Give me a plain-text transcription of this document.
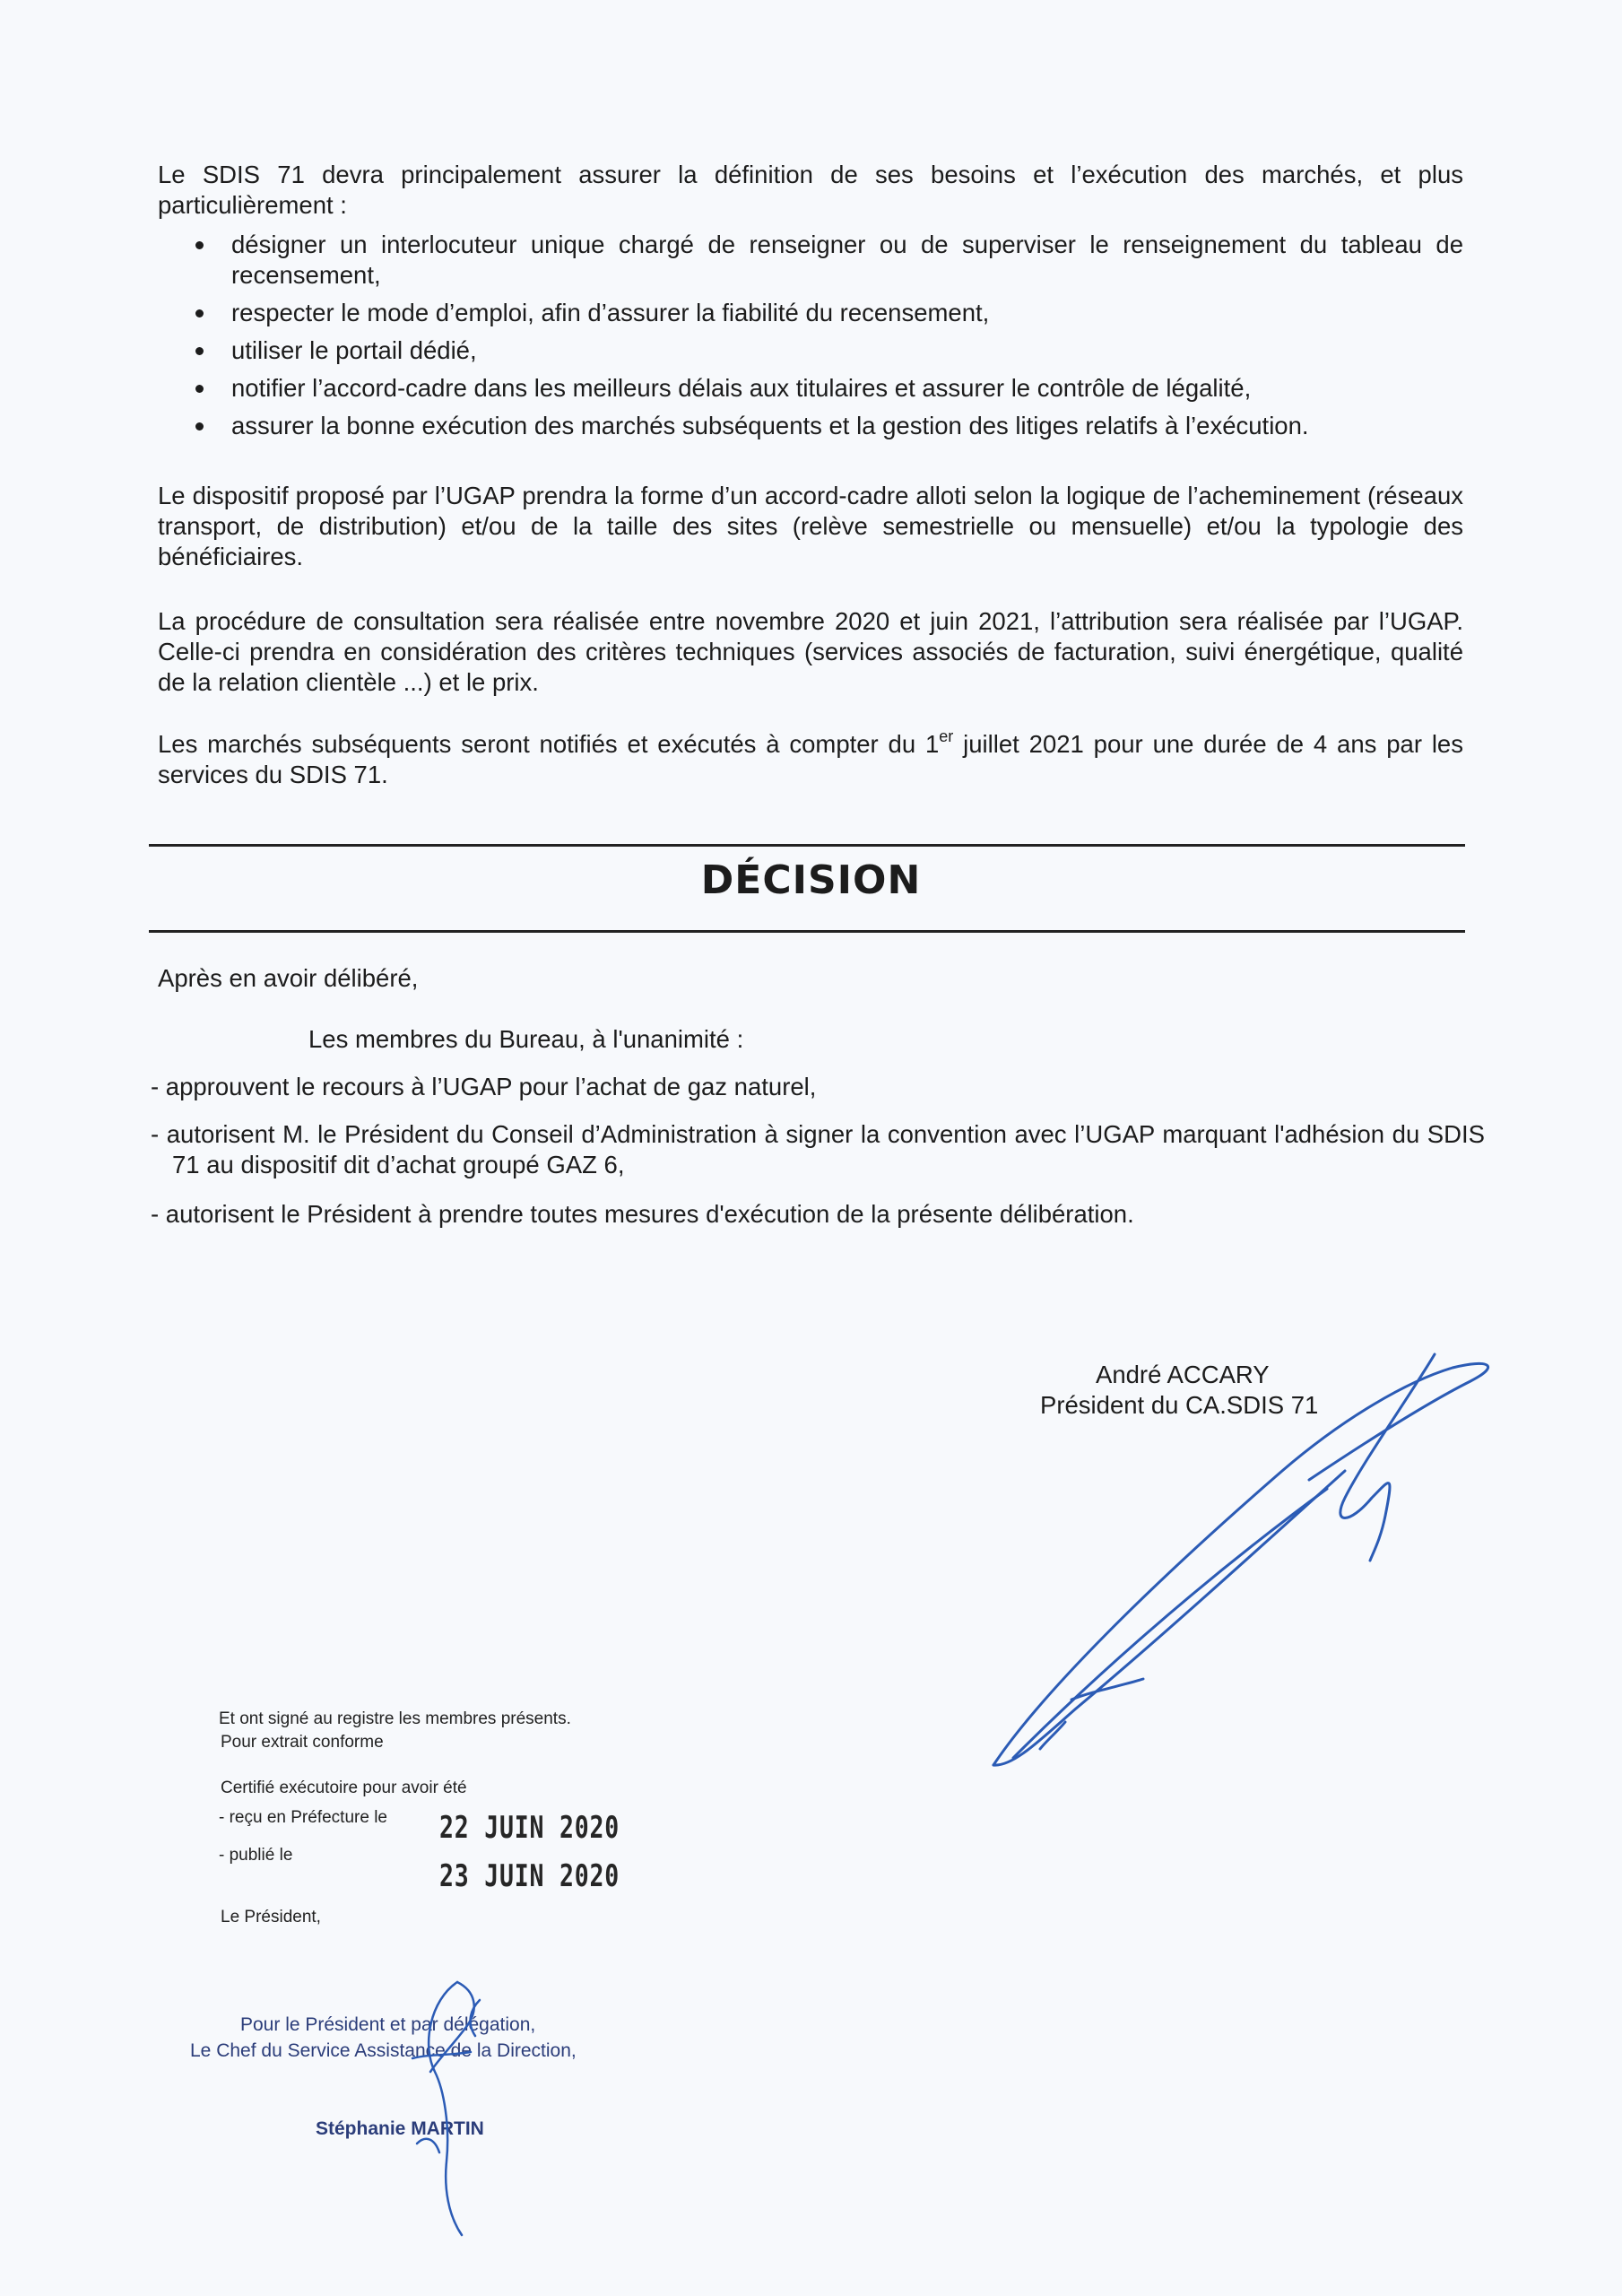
Le SDIS 71 devra principalement assurer la définition de ses besoins et l’exécution des marchés, et plus particulièrement :

désigner un interlocuteur unique chargé de renseigner ou de superviser le renseignement du tableau de recensement,
respecter le mode d’emploi, afin d’assurer la fiabilité du recensement,
utiliser le portail dédié,
notifier l’accord-cadre dans les meilleurs délais aux titulaires et assurer le contrôle de légalité,
assurer la bonne exécution des marchés subséquents et la gestion des litiges relatifs à l’exécution.

Le dispositif proposé par l’UGAP prendra la forme d’un accord-cadre alloti selon la logique de l’acheminement (réseaux transport, de distribution) et/ou de la taille des sites (relève semestrielle ou mensuelle) et/ou la typologie des bénéficiaires.

La procédure de consultation sera réalisée entre novembre 2020 et juin 2021, l’attribution sera réalisée par l’UGAP. Celle-ci prendra en considération des critères techniques (services associés de facturation, suivi énergétique, qualité de la relation clientèle ...) et le prix.

Les marchés subséquents seront notifiés et exécutés à compter du 1er juillet 2021 pour une durée de 4 ans par les services du SDIS 71.

DÉCISION

Après en avoir délibéré,

Les membres du Bureau, à l'unanimité :

- approuvent le recours à l’UGAP pour l’achat de gaz naturel,

- autorisent M. le Président du Conseil d’Administration à signer la convention avec l’UGAP marquant l'adhésion du SDIS 71 au dispositif dit d’achat groupé GAZ 6,

- autorisent le Président à prendre toutes mesures d'exécution de la présente délibération.

André ACCARY

Président du CA.SDIS 71

Et ont signé au registre les membres présents.

Pour extrait conforme

Certifié exécutoire pour avoir été

- reçu en Préfecture le 22 JUIN 2020

- publié le

23 JUIN 2020

Le Président,

Pour le Président et par délégation,

Le Chef du Service Assistance de la Direction,

Stéphanie MARTIN
